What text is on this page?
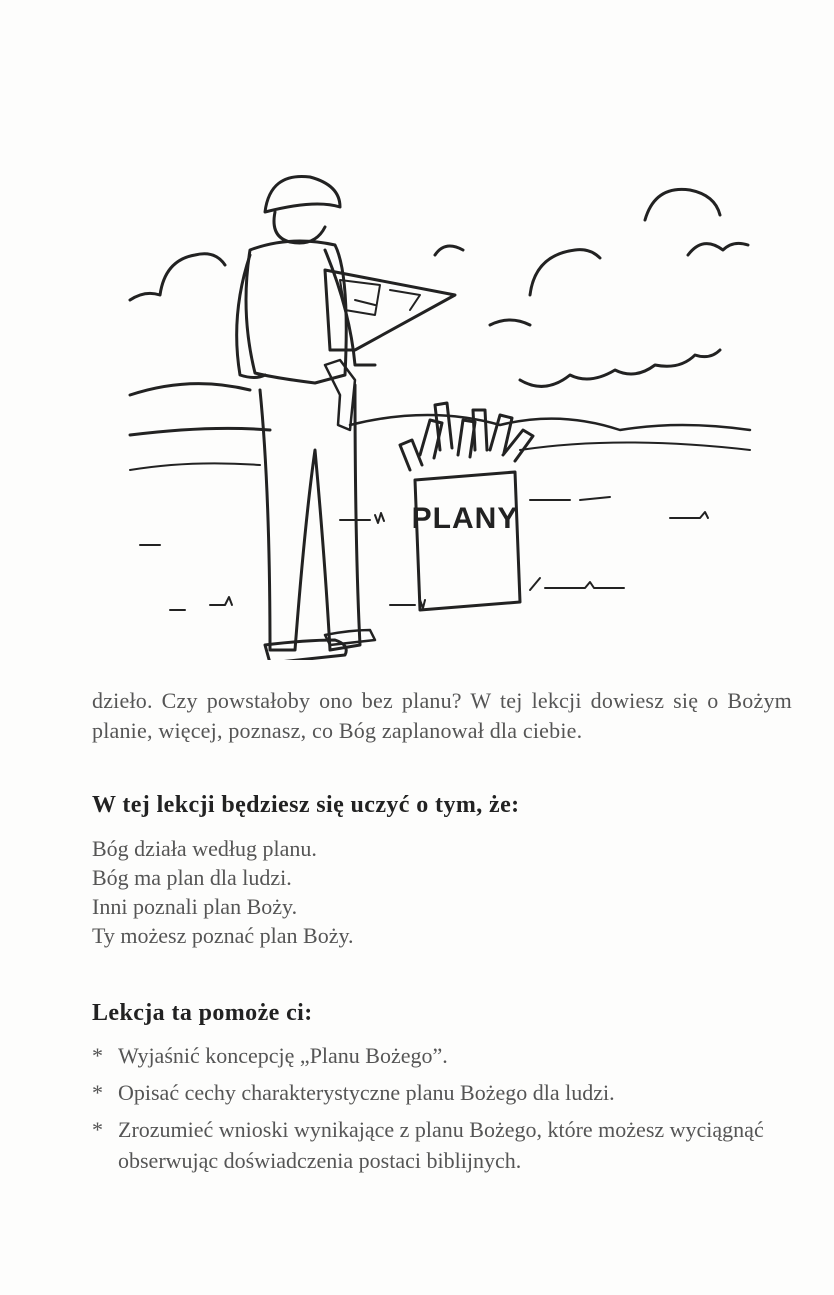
PLANY

dzieło. Czy powstałoby ono bez planu? W tej lekcji dowiesz się o Bożym planie, więcej, poznasz, co Bóg zaplanował dla ciebie.

W tej lekcji będziesz się uczyć o tym, że:
Bóg działa według planu.
Bóg ma plan dla ludzi.
Inni poznali plan Boży.
Ty możesz poznać plan Boży.
Lekcja ta pomoże ci:
* Wyjaśnić koncepcję „Planu Bożego”.
* Opisać cechy charakterystyczne planu Bożego dla ludzi.
* Zrozumieć wnioski wynikające z planu Bożego, które możesz wyciągnąć obserwując doświadczenia postaci biblijnych.
